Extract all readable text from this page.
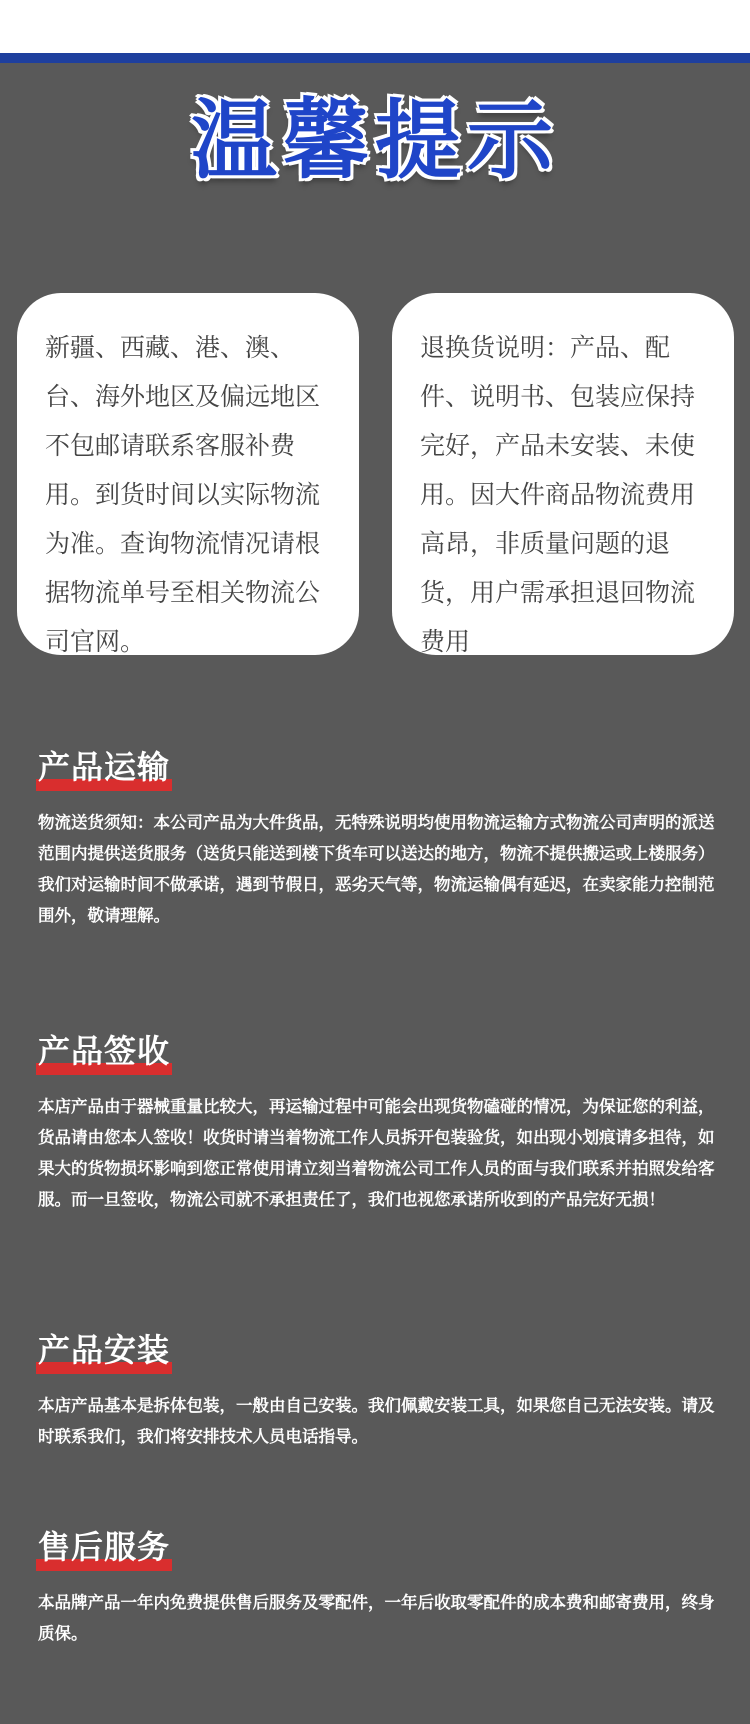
温馨提示
新疆、西藏、港、澳、台、海外地区及偏远地区不包邮请联系客服补费用。到货时间以实际物流为准。查询物流情况请根据物流单号至相关物流公司官网。
退换货说明：产品、配件、说明书、包装应保持完好，产品未安装、未使用。因大件商品物流费用高昂，非质量问题的退货，用户需承担退回物流费用
产品运输

物流送货须知：本公司产品为大件货品，无特殊说明均使用物流运输方式物流公司声明的派送范围内提供送货服务（送货只能送到楼下货车可以送达的地方，物流不提供搬运或上楼服务）

我们对运输时间不做承诺，遇到节假日，恶劣天气等，物流运输偶有延迟，在卖家能力控制范围外，敬请理解。

产品签收

本店产品由于器械重量比较大，再运输过程中可能会出现货物磕碰的情况，为保证您的利益，货品请由您本人签收！收货时请当着物流工作人员拆开包装验货，如出现小划痕请多担待，如果大的货物损坏影响到您正常使用请立刻当着物流公司工作人员的面与我们联系并拍照发给客服。而一旦签收，物流公司就不承担责任了，我们也视您承诺所收到的产品完好无损！

产品安装

本店产品基本是拆体包装，一般由自己安装。我们佩戴安装工具，如果您自己无法安装。请及时联系我们，我们将安排技术人员电话指导。

售后服务

本品牌产品一年内免费提供售后服务及零配件，一年后收取零配件的成本费和邮寄费用，终身质保。
